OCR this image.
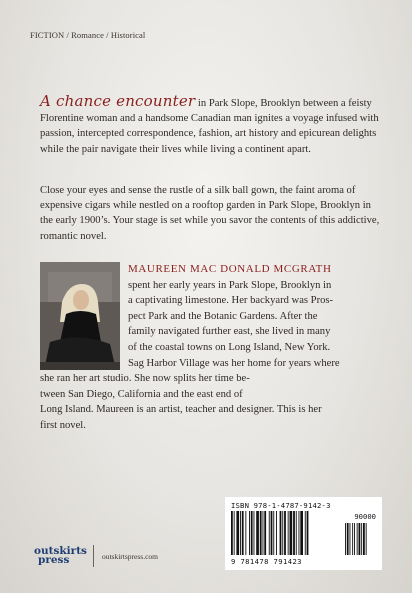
FICTION / Romance / Historical

A chance encounter in Park Slope, Brooklyn between a feisty Florentine woman and a handsome Canadian man ignites a voyage infused with passion, intercepted correspondence, fashion, art history and epicurean delights while the pair navigate their lives while living a continent apart.

Close your eyes and sense the rustle of a silk ball gown, the faint aroma of expensive cigars while nestled on a rooftop garden in Park Slope, Brooklyn in the early 1900’s. Your stage is set while you savor the contents of this addictive, romantic novel.

MAUREEN MAC DONALD MCGRATH
spent her early years in Park Slope, Brooklyn in
a captivating limestone. Her backyard was Pros-
pect Park and the Botanic Gardens. After the
family navigated further east, she lived in many
of the coastal towns on Long Island, New York.
Sag Harbor Village was her home for years where
she ran her art studio. She now splits her time be-
tween San Diego, California and the east end of
Long Island. Maureen is an artist, teacher and designer. This is her
first novel.
outskirts
press	outskirtspress.com
ISBN 978-1-4787-9142-3
90000
9 781478 791423
